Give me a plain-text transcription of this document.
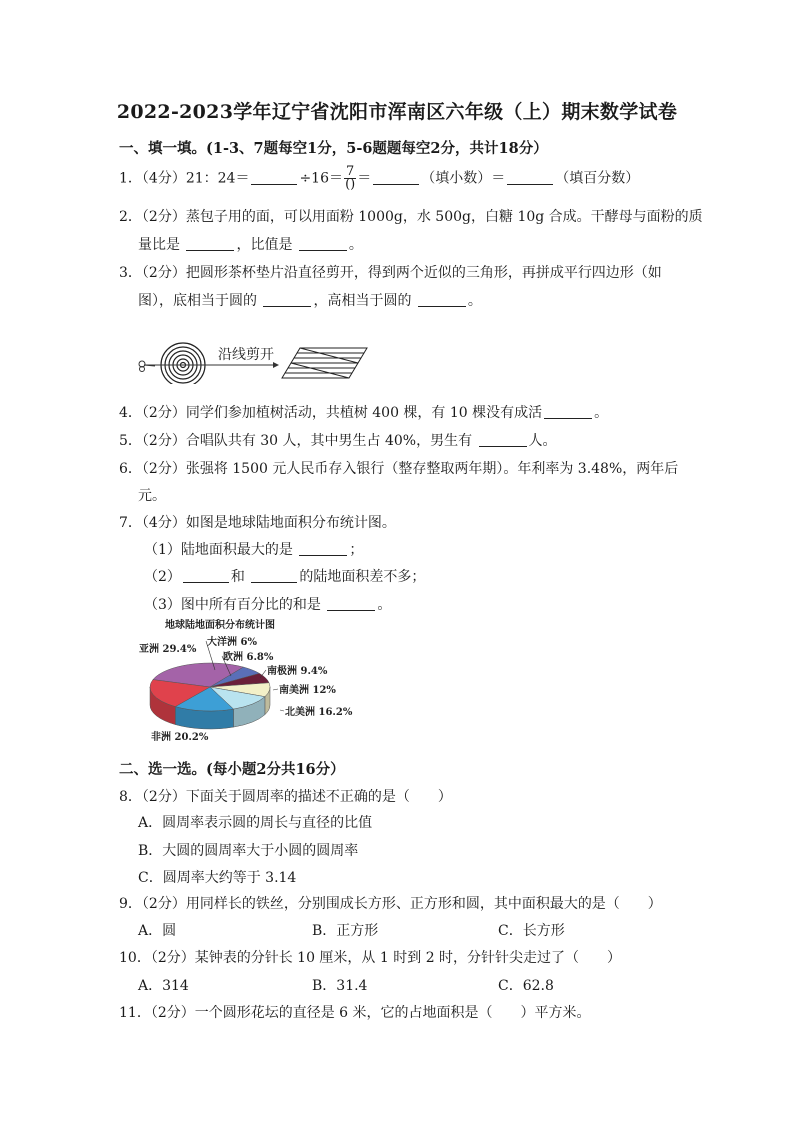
2022-2023学年辽宁省沈阳市浑南区六年级（上）期末数学试卷
一、填一填。(1-3、7题每空1分，5-6题题每空2分，共计18分）
1．（4分）21：24＝	$\div 16= \frac{7}{()}$ ＝	（填小数）＝	（填百分数）
2．（2分）蒸包子用的面，可以用面粉 1000g，水 500g，白糖 10g 合成。干酵母与面粉的质
量比是	，比值是	。
3．（2分）把圆形茶杯垫片沿直径剪开，得到两个近似的三角形，再拼成平行四边形（如
图），底相当于圆的	，高相当于圆的	。
沿线剪开
4．（2分）同学们参加植树活动，共植树 400 棵，有 10 棵没有成活	。
5．（2分）合唱队共有 30 人，其中男生占 40%，男生有	人。
6．（2分）张强将 1500 元人民币存入银行（整存整取两年期）。年利率为 3.48%，两年后
元。
7．（4分）如图是地球陆地面积分布统计图。
（1）陆地面积最大的是	；
（2）	和	的陆地面积差不多；
（3）图中所有百分比的和是	。
地球陆地面积分布统计图
亚洲 29.4%
大洋洲 6%
欧洲 6.8%
南极洲 9.4%
南美洲 12%
北美洲 16.2%
非洲 20.2%
二、选一选。(每小题2分共16分）
8．（2分）下面关于圆周率的描述不正确的是（　　）
A．圆周率表示圆的周长与直径的比值
B．大圆的圆周率大于小圆的圆周率
C．圆周率大约等于 3.14
9．（2分）用同样长的铁丝，分别围成长方形、正方形和圆，其中面积最大的是（　　）
A．圆	B．正方形	C．长方形
10．（2分）某钟表的分针长 10 厘米，从 1 时到 2 时，分针针尖走过了（　　）
A．314	B．31.4	C．62.8
11．（2分）一个圆形花坛的直径是 6 米，它的占地面积是（　　）平方米。
